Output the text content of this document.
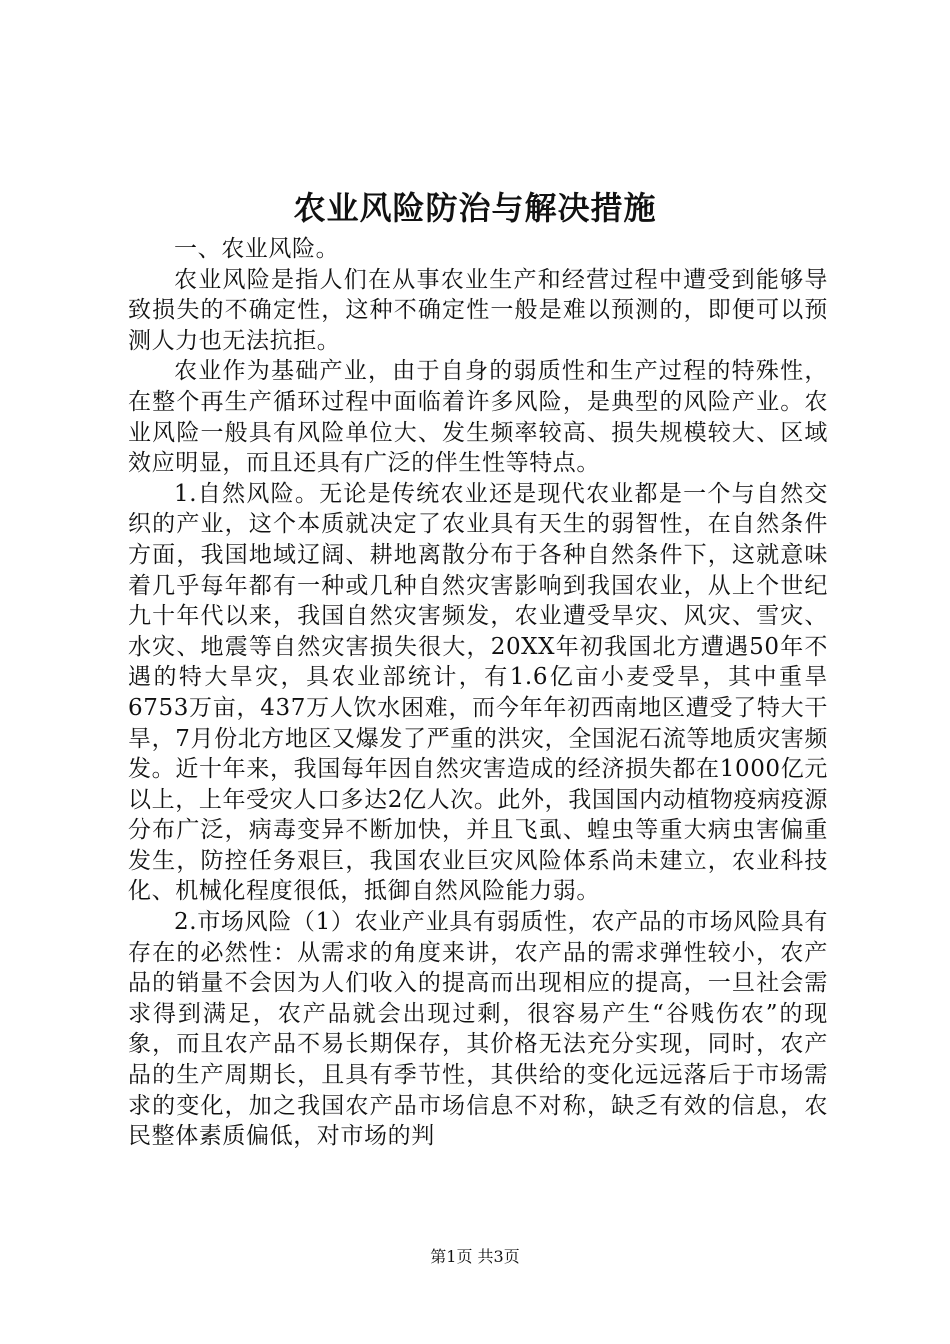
农业风险防治与解决措施

一、农业风险。

农业风险是指人们在从事农业生产和经营过程中遭受到能够导致损失的不确定性，这种不确定性一般是难以预测的，即便可以预测人力也无法抗拒。

农业作为基础产业，由于自身的弱质性和生产过程的特殊性，在整个再生产循环过程中面临着许多风险，是典型的风险产业。农业风险一般具有风险单位大、发生频率较高、损失规模较大、区域效应明显，而且还具有广泛的伴生性等特点。

1.自然风险。无论是传统农业还是现代农业都是一个与自然交织的产业，这个本质就决定了农业具有天生的弱智性，在自然条件方面，我国地域辽阔、耕地离散分布于各种自然条件下，这就意味着几乎每年都有一种或几种自然灾害影响到我国农业，从上个世纪九十年代以来，我国自然灾害频发，农业遭受旱灾、风灾、雪灾、水灾、地震等自然灾害损失很大，20XX年初我国北方遭遇50年不遇的特大旱灾，具农业部统计，有1.6亿亩小麦受旱，其中重旱6753万亩，437万人饮水困难，而今年年初西南地区遭受了特大干旱，7月份北方地区又爆发了严重的洪灾，全国泥石流等地质灾害频发。近十年来，我国每年因自然灾害造成的经济损失都在1000亿元以上，上年受灾人口多达2亿人次。此外，我国国内动植物疫病疫源分布广泛，病毒变异不断加快，并且飞虱、蝗虫等重大病虫害偏重发生，防控任务艰巨，我国农业巨灾风险体系尚未建立，农业科技化、机械化程度很低，抵御自然风险能力弱。

2.市场风险（1）农业产业具有弱质性，农产品的市场风险具有存在的必然性：从需求的角度来讲，农产品的需求弹性较小，农产品的销量不会因为人们收入的提高而出现相应的提高，一旦社会需求得到满足，农产品就会出现过剩，很容易产生“谷贱伤农”的现象，而且农产品不易长期保存，其价格无法充分实现，同时，农产品的生产周期长，且具有季节性，其供给的变化远远落后于市场需求的变化，加之我国农产品市场信息不对称，缺乏有效的信息，农民整体素质偏低，对市场的判

第1页 共3页
